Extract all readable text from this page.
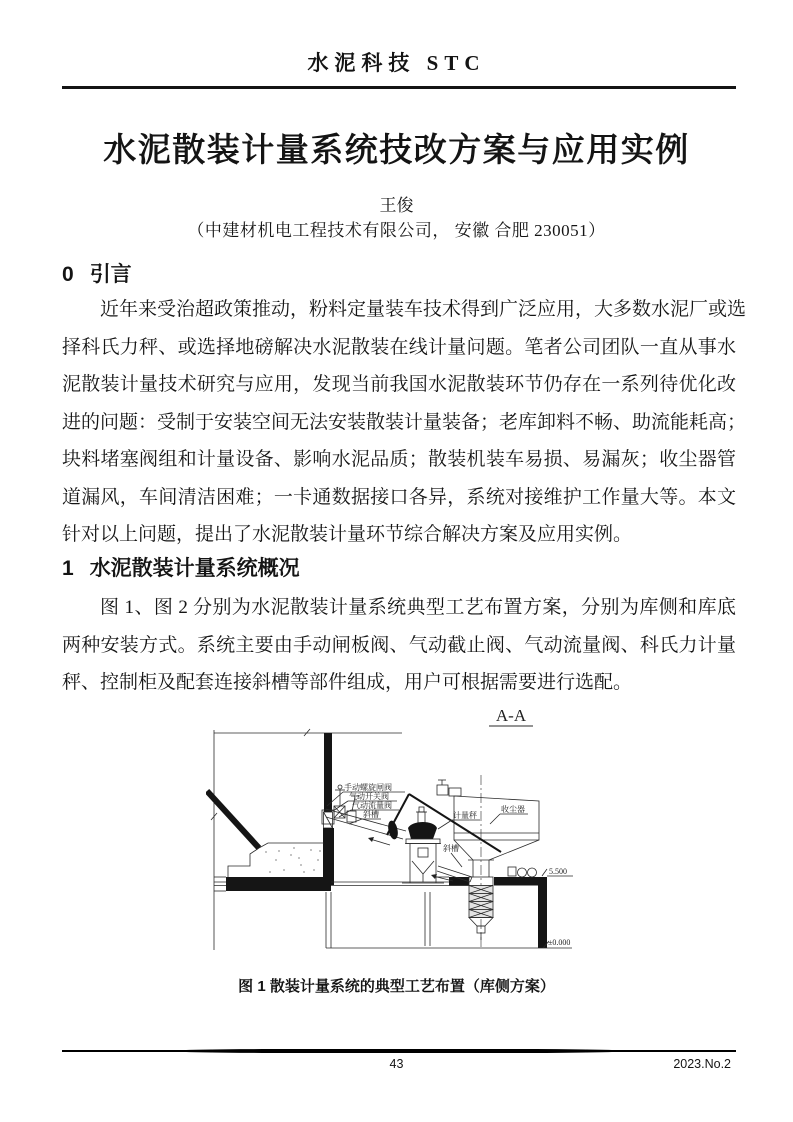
水泥科技 STC
水泥散装计量系统技改方案与应用实例
王俊
（中建材机电工程技术有限公司， 安徽 合肥 230051）
0 引言
近年来受治超政策推动，粉料定量装车技术得到广泛应用，大多数水泥厂或选
择科氏力秤、或选择地磅解决水泥散装在线计量问题。笔者公司团队一直从事水
泥散装计量技术研究与应用，发现当前我国水泥散装环节仍存在一系列待优化改
进的问题：受制于安装空间无法安装散装计量装备；老库卸料不畅、助流能耗高；
块料堵塞阀组和计量设备、影响水泥品质；散装机装车易损、易漏灰；收尘器管
道漏风，车间清洁困难；一卡通数据接口各异，系统对接维护工作量大等。本文
针对以上问题，提出了水泥散装计量环节综合解决方案及应用实例。
1 水泥散装计量系统概况
图 1、图 2 分别为水泥散装计量系统典型工艺布置方案，分别为库侧和库底
两种安装方式。系统主要由手动闸板阀、气动截止阀、气动流量阀、科氏力计量
秤、控制柜及配套连接斜槽等部件组成，用户可根据需要进行选配。
A-A
5.500
±0.000
手动螺旋闸阀
气动开关阀
气动流量阀
斜槽	计量秤
收尘器
斜槽
图 1 散装计量系统的典型工艺布置（库侧方案）
43	2023.No.2
